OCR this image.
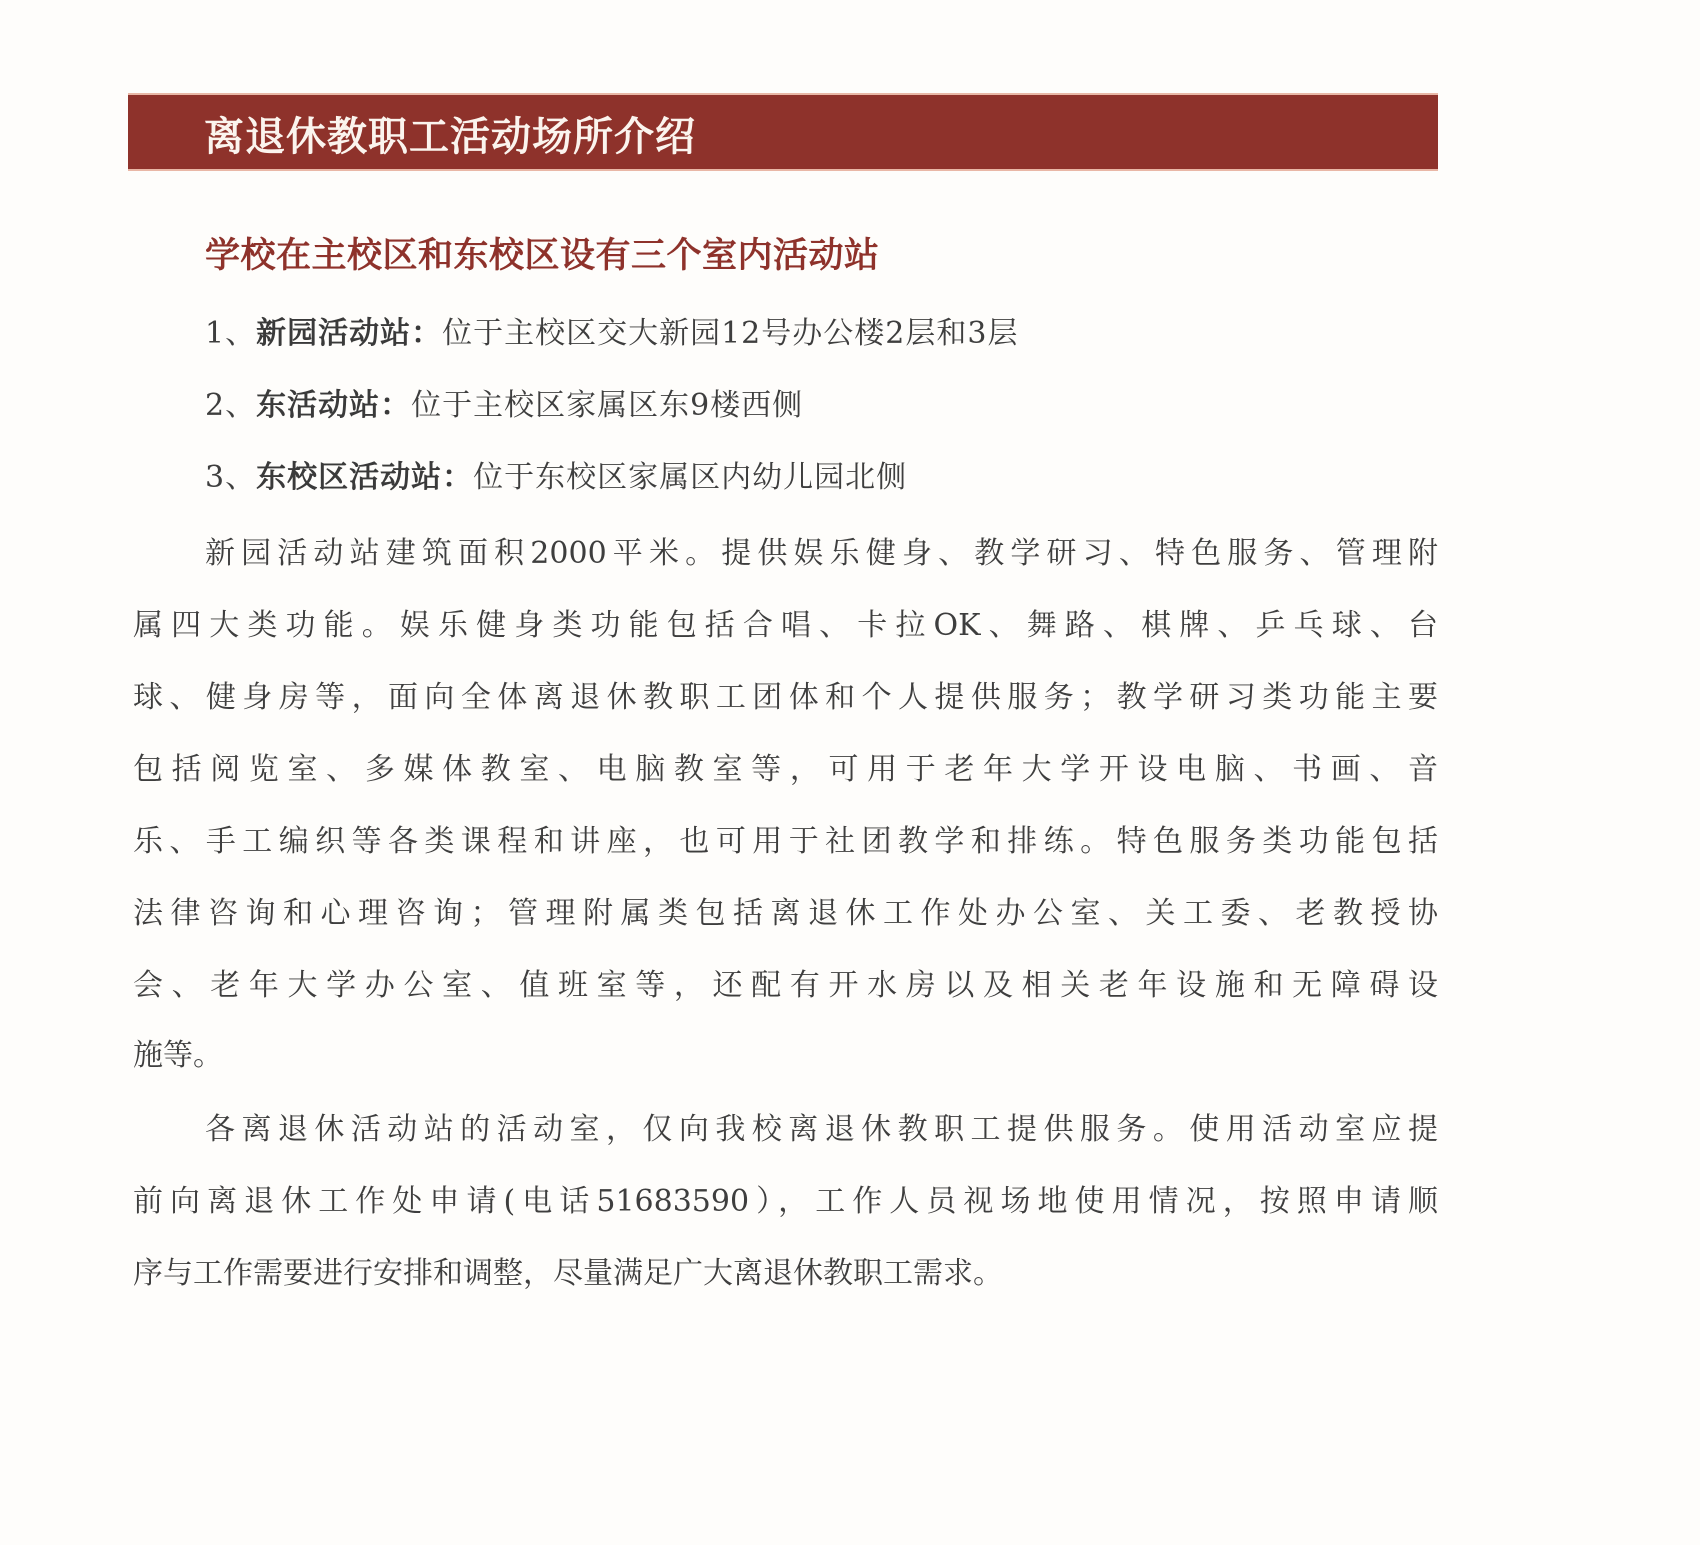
离退休教职工活动场所介绍
学校在主校区和东校区设有三个室内活动站
1、新园活动站：位于主校区交大新园12号办公楼2层和3层
2、东活动站：位于主校区家属区东9楼西侧
3、东校区活动站：位于东校区家属区内幼儿园北侧
新园活动站建筑面积2000平米。提供娱乐健身、教学研习、特色服务、管理附
属四大类功能。娱乐健身类功能包括合唱、卡拉OK、舞路、棋牌、乒乓球、台
球、健身房等，面向全体离退休教职工团体和个人提供服务；教学研习类功能主要
包括阅览室、多媒体教室、电脑教室等，可用于老年大学开设电脑、书画、音
乐、手工编织等各类课程和讲座，也可用于社团教学和排练。特色服务类功能包括
法律咨询和心理咨询；管理附属类包括离退休工作处办公室、关工委、老教授协
会、老年大学办公室、值班室等，还配有开水房以及相关老年设施和无障碍设
施等。
各离退休活动站的活动室，仅向我校离退休教职工提供服务。使用活动室应提
前向离退休工作处申请(电话51683590），工作人员视场地使用情况，按照申请顺
序与工作需要进行安排和调整，尽量满足广大离退休教职工需求。
